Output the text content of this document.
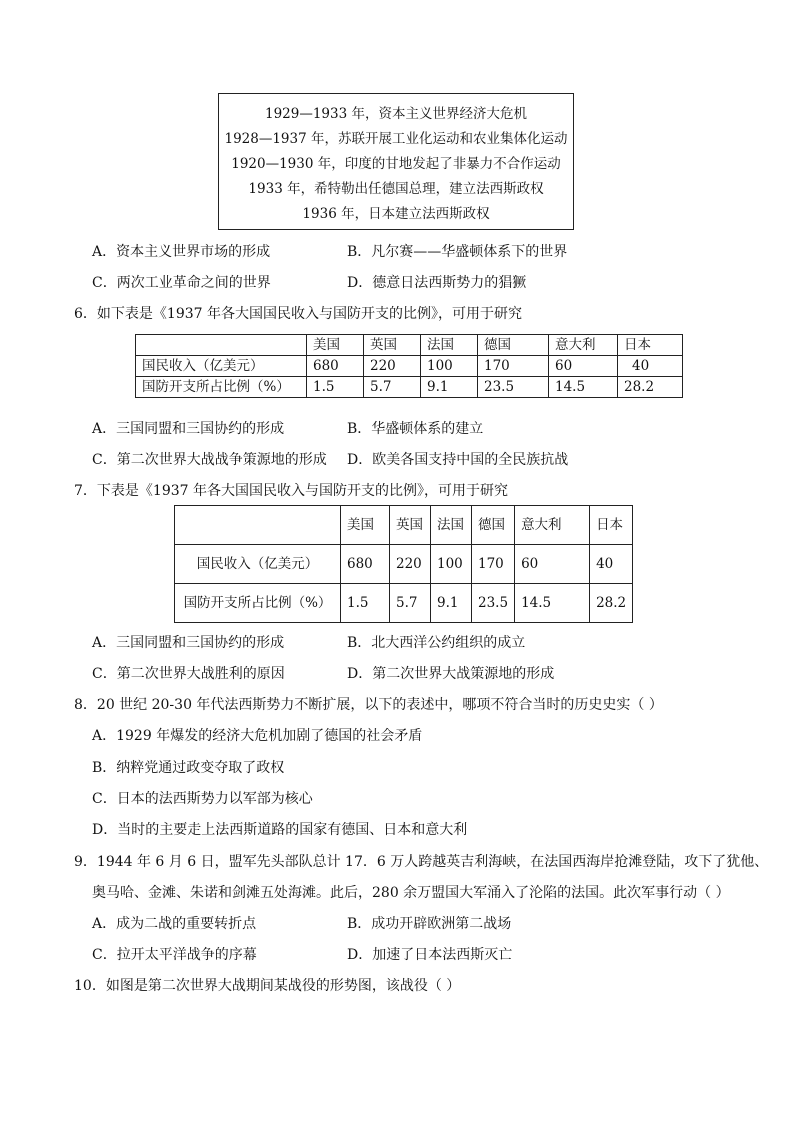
1929—1933 年，资本主义世界经济大危机
1928—1937 年，苏联开展工业化运动和农业集体化运动
1920—1930 年，印度的甘地发起了非暴力不合作运动
1933 年，希特勒出任德国总理，建立法西斯政权
1936 年，日本建立法西斯政权
A．资本主义世界市场的形成	B．凡尔赛——华盛顿体系下的世界
C．两次工业革命之间的世界	D．德意日法西斯势力的猖獗
6．如下表是《1937 年各大国国民收入与国防开支的比例》，可用于研究
	美国	英国	法国	德国	意大利	日本
国民收入（亿美元）	680	220	100	170	60	40
国防开支所占比例（%）	1.5	5.7	9.1	23.5	14.5	28.2
A．三国同盟和三国协约的形成	B．华盛顿体系的建立
C．第二次世界大战战争策源地的形成 D．欧美各国支持中国的全民族抗战
7．下表是《1937 年各大国国民收入与国防开支的比例》，可用于研究
	美国	英国	法国	德国	意大利	日本
国民收入（亿美元）	680	220	100	170	60	40
国防开支所占比例（%）	1.5	5.7	9.1	23.5	14.5	28.2
A．三国同盟和三国协约的形成	B．北大西洋公约组织的成立
C．第二次世界大战胜利的原因	D．第二次世界大战策源地的形成
8．20 世纪 20-30 年代法西斯势力不断扩展，以下的表述中，哪项不符合当时的历史史实（ ）
A．1929 年爆发的经济大危机加剧了德国的社会矛盾
B．纳粹党通过政变夺取了政权
C．日本的法西斯势力以军部为核心
D．当时的主要走上法西斯道路的国家有德国、日本和意大利
9．1944 年 6 月 6 日，盟军先头部队总计 17．6 万人跨越英吉利海峡，在法国西海岸抢滩登陆，攻下了犹他、
奥马哈、金滩、朱诺和剑滩五处海滩。此后，280 余万盟国大军涌入了沦陷的法国。此次军事行动（ ）
A．成为二战的重要转折点	B．成功开辟欧洲第二战场
C．拉开太平洋战争的序幕	D．加速了日本法西斯灭亡
10．如图是第二次世界大战期间某战役的形势图，该战役（ ）
